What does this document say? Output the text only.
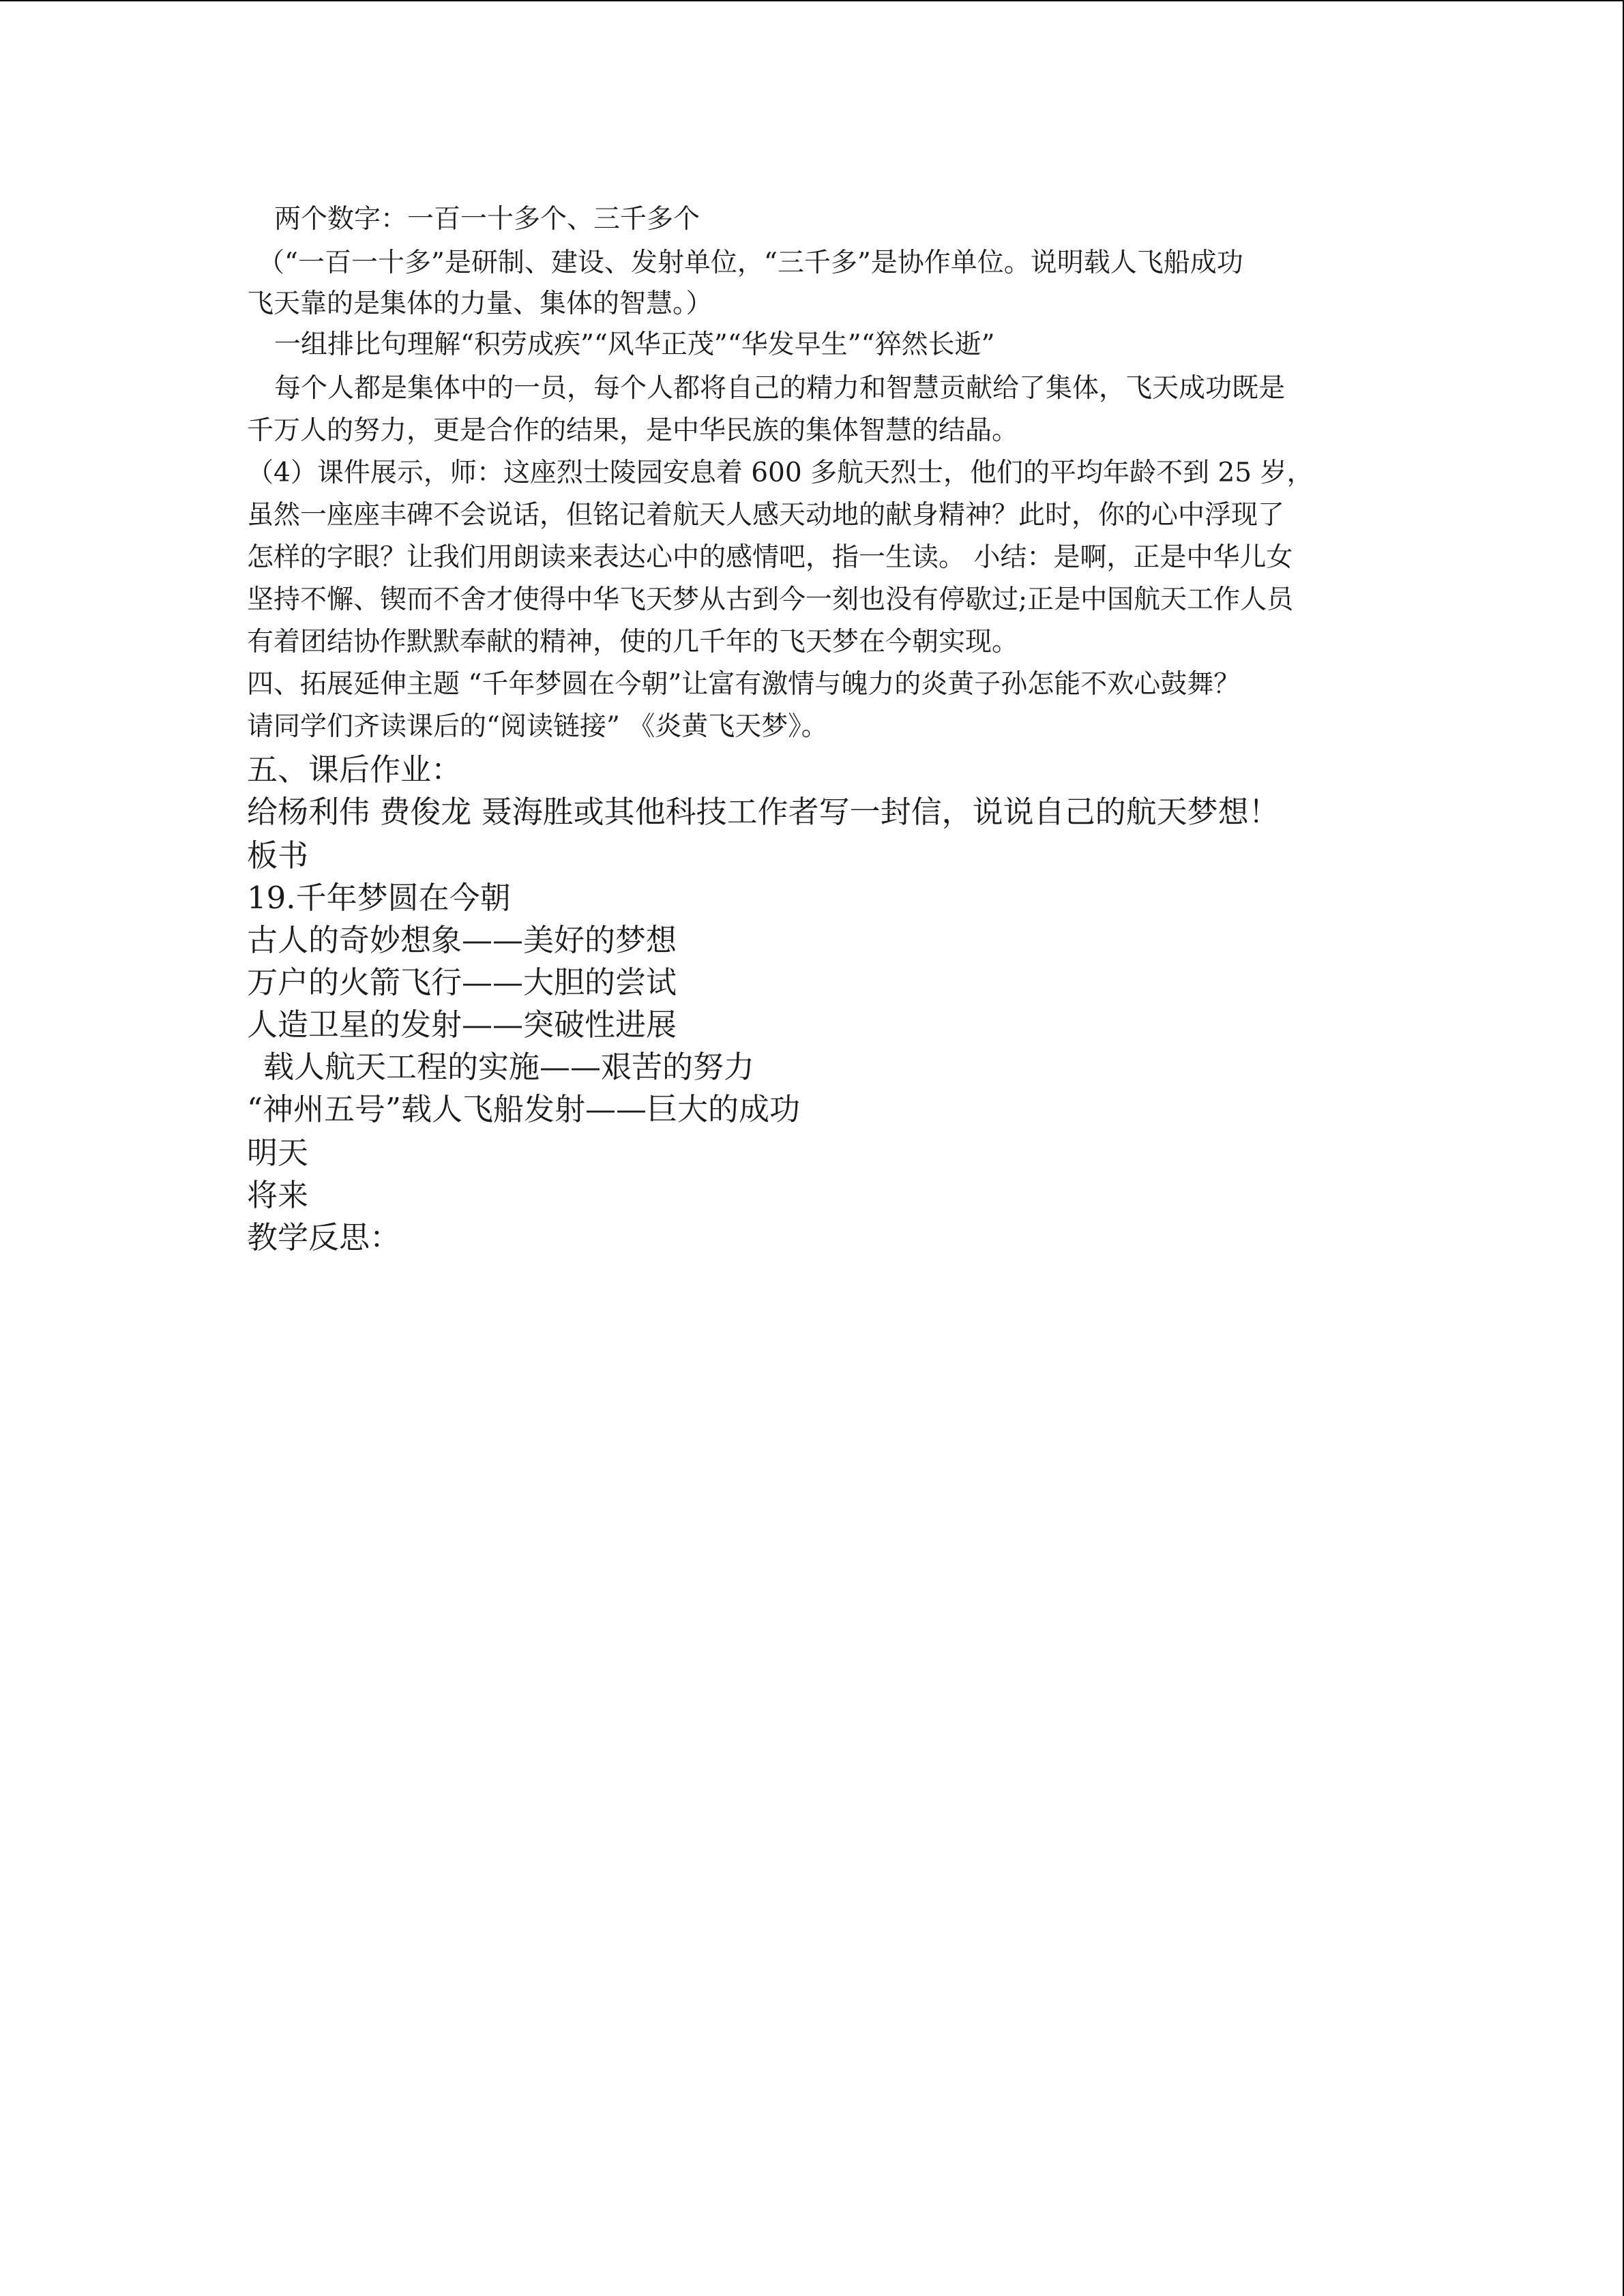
两个数字：一百一十多个、三千多个
（“一百一十多”是研制、建设、发射单位，“三千多”是协作单位。说明载人飞船成功
飞天靠的是集体的力量、集体的智慧。）
一组排比句理解“积劳成疾”“风华正茂”“华发早生”“猝然长逝”
每个人都是集体中的一员，每个人都将自己的精力和智慧贡献给了集体，飞天成功既是
千万人的努力，更是合作的结果，是中华民族的集体智慧的结晶。
（4）课件展示，师：这座烈士陵园安息着 600 多航天烈士，他们的平均年龄不到 25 岁，
虽然一座座丰碑不会说话，但铭记着航天人感天动地的献身精神？此时，你的心中浮现了
怎样的字眼？让我们用朗读来表达心中的感情吧，指一生读。 小结：是啊，正是中华儿女
坚持不懈、锲而不舍才使得中华飞天梦从古到今一刻也没有停歇过;正是中国航天工作人员
有着团结协作默默奉献的精神，使的几千年的飞天梦在今朝实现。
四、拓展延伸主题 “千年梦圆在今朝”让富有激情与魄力的炎黄子孙怎能不欢心鼓舞？
请同学们齐读课后的“阅读链接” 《炎黄飞天梦》。
五、课后作业：
给杨利伟 费俊龙 聂海胜或其他科技工作者写一封信，说说自己的航天梦想！
板书
19.千年梦圆在今朝
古人的奇妙想象——美好的梦想
万户的火箭飞行——大胆的尝试
人造卫星的发射——突破性进展
载人航天工程的实施——艰苦的努力
“神州五号”载人飞船发射——巨大的成功
明天
将来
教学反思：
